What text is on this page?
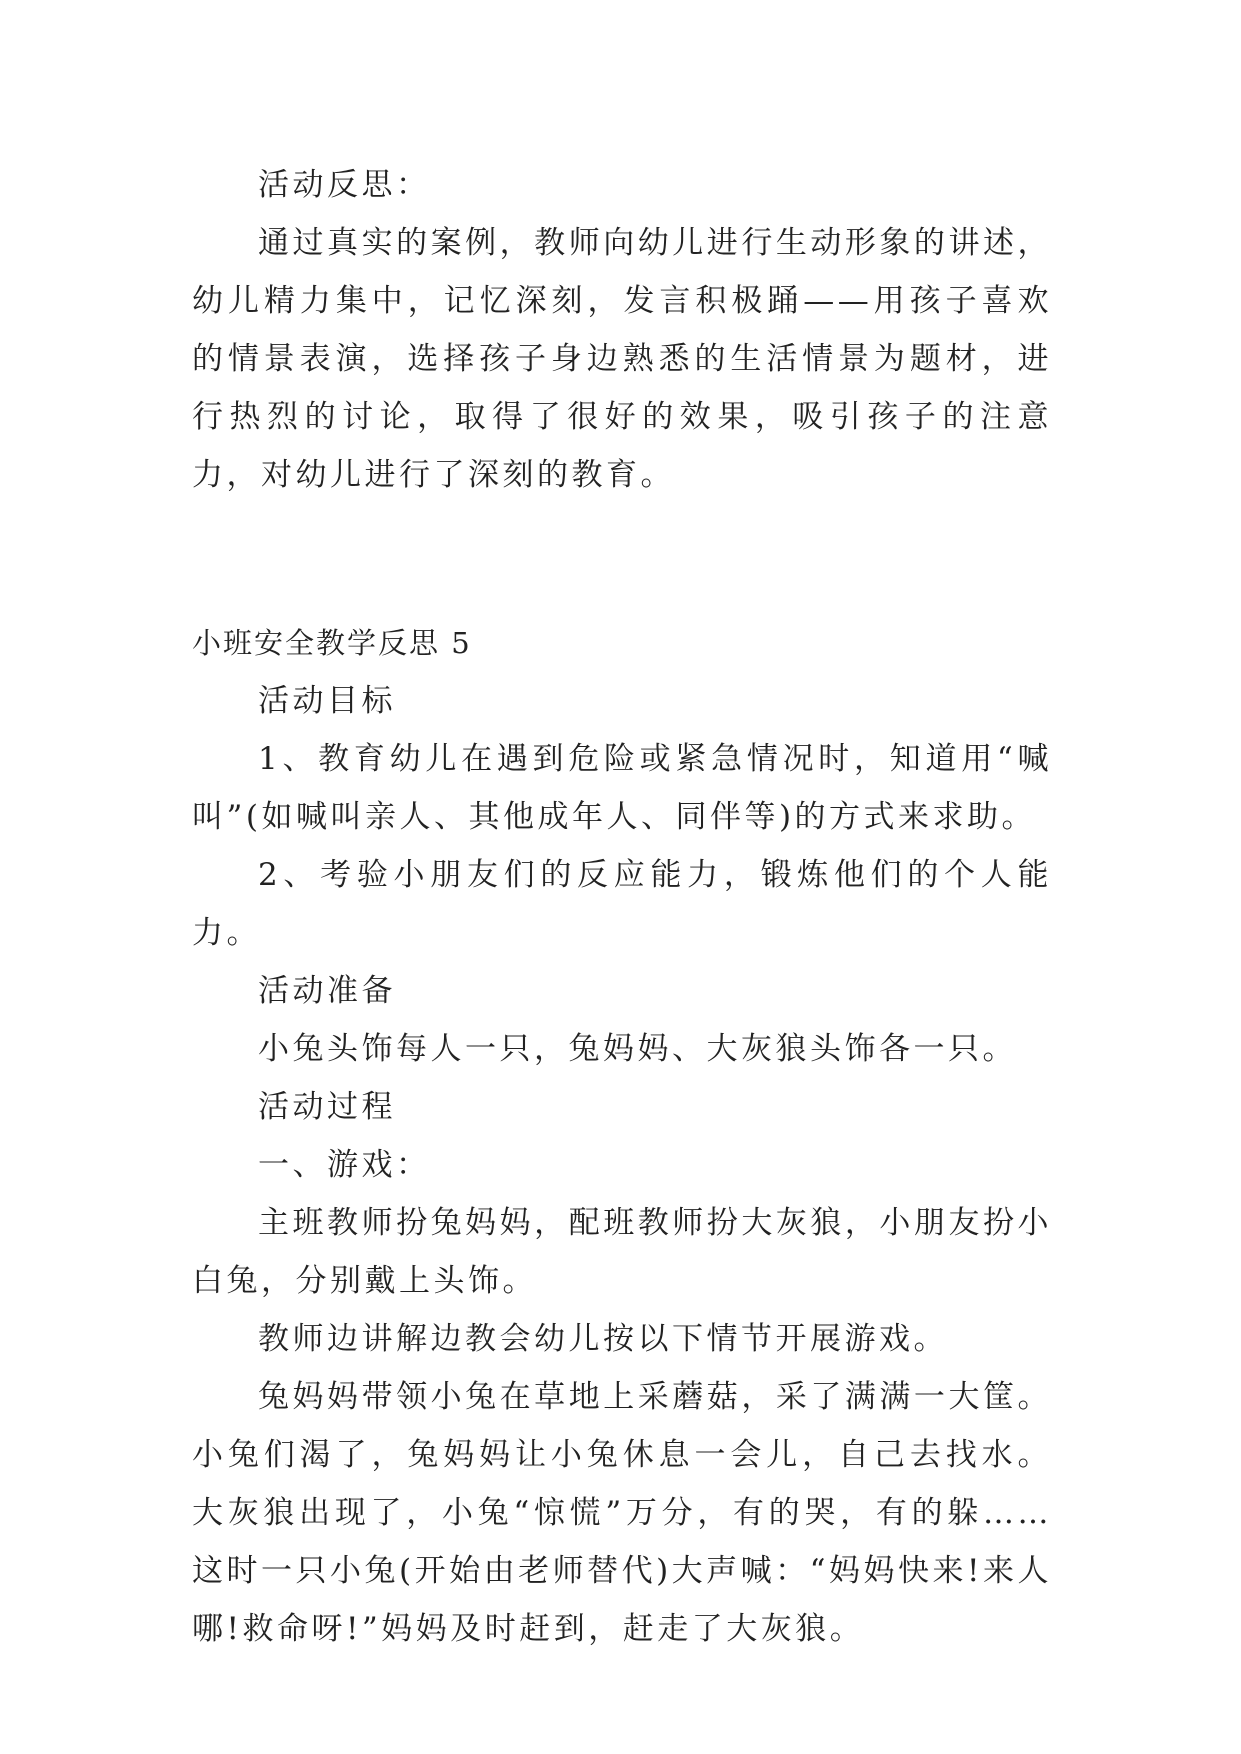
活动反思：

通过真实的案例，教师向幼儿进行生动形象的讲述，幼儿精力集中，记忆深刻，发言积极踊——用孩子喜欢的情景表演，选择孩子身边熟悉的生活情景为题材，进行热烈的讨论，取得了很好的效果，吸引孩子的注意力，对幼儿进行了深刻的教育。

小班安全教学反思 5

活动目标

1、教育幼儿在遇到危险或紧急情况时，知道用“喊叫”(如喊叫亲人、其他成年人、同伴等)的方式来求助。

2、考验小朋友们的反应能力，锻炼他们的个人能力。

活动准备

小兔头饰每人一只，兔妈妈、大灰狼头饰各一只。

活动过程

一、游戏：

主班教师扮兔妈妈，配班教师扮大灰狼，小朋友扮小白兔，分别戴上头饰。

教师边讲解边教会幼儿按以下情节开展游戏。

兔妈妈带领小兔在草地上采蘑菇，采了满满一大筐。小兔们渴了，兔妈妈让小兔休息一会儿，自己去找水。大灰狼出现了，小兔“惊慌”万分，有的哭，有的躲……这时一只小兔(开始由老师替代)大声喊：“妈妈快来!来人哪!救命呀!”妈妈及时赶到，赶走了大灰狼。
